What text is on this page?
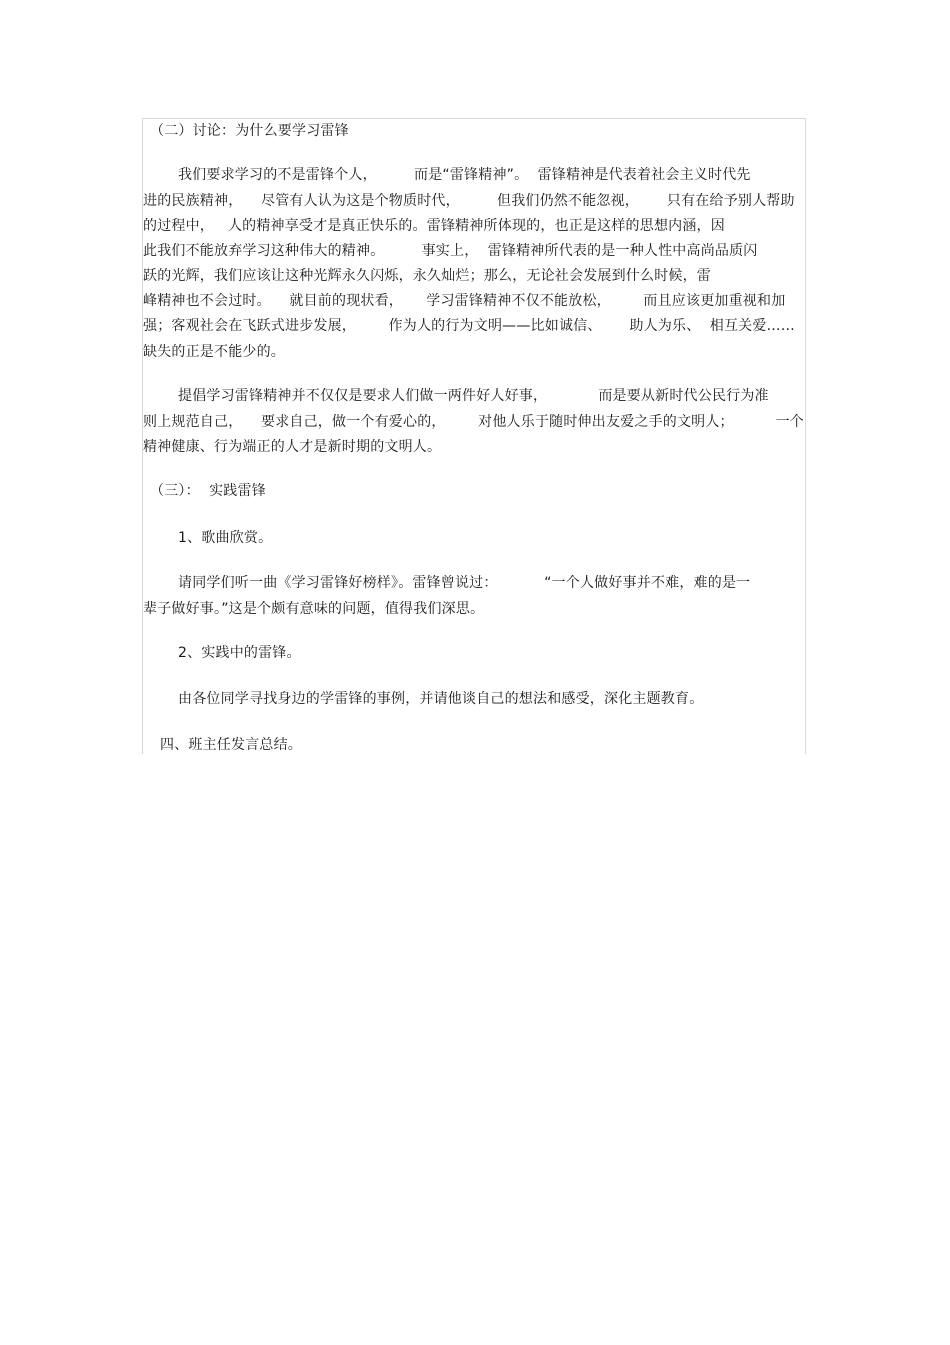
（二）讨论：为什么要学习雷锋
我们要求学习的不是雷锋个人，        而是“雷锋精神”。  雷锋精神是代表着社会主义时代先
进的民族精神，    尽管有人认为这是个物质时代，        但我们仍然不能忽视，      只有在给予别人帮助
的过程中，   人的精神享受才是真正快乐的。雷锋精神所体现的，也正是这样的思想内涵，因
此我们不能放弃学习这种伟大的精神。        事实上，  雷锋精神所代表的是一种人性中高尚品质闪
跃的光辉，我们应该让这种光辉永久闪烁，永久灿烂；那么，无论社会发展到什么时候，雷
峰精神也不会过时。    就目前的现状看，     学习雷锋精神不仅不能放松，       而且应该更加重视和加
强；客观社会在飞跃式进步发展，       作为人的行为文明——比如诚信、      助人为乐、  相互关爱……
缺失的正是不能少的。
提倡学习雷锋精神并不仅仅是要求人们做一两件好人好事，           而是要从新时代公民行为准
则上规范自己，    要求自己，做一个有爱心的，       对他人乐于随时伸出友爱之手的文明人；         一个
精神健康、行为端正的人才是新时期的文明人。
（三）：  实践雷锋
1、歌曲欣赏。
请同学们听一曲《学习雷锋好榜样》。雷锋曾说过：          “一个人做好事并不难，难的是一
辈子做好事。”这是个颇有意味的问题，值得我们深思。
2、实践中的雷锋。
由各位同学寻找身边的学雷锋的事例，并请他谈自己的想法和感受，深化主题教育。
四、班主任发言总结。
